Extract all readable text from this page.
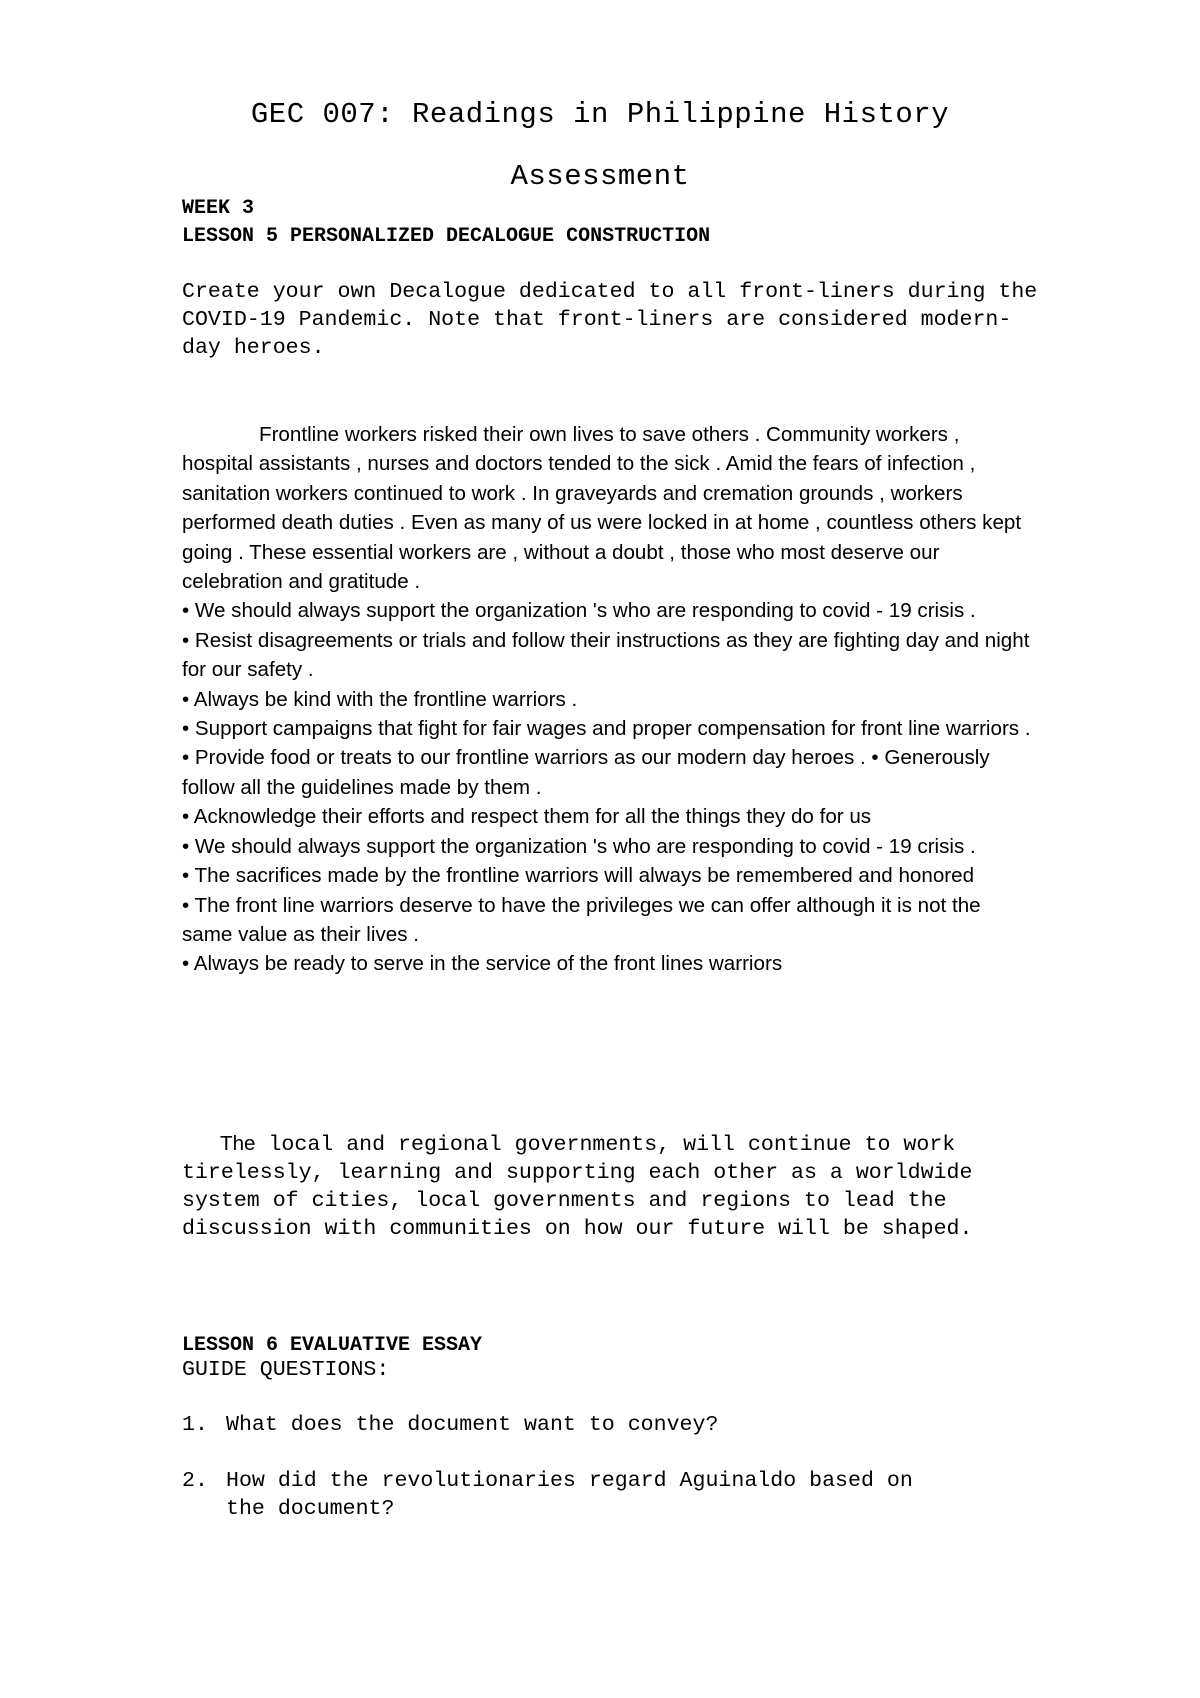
GEC 007: Readings in Philippine History
Assessment
WEEK 3
LESSON 5 PERSONALIZED DECALOGUE CONSTRUCTION
Create your own Decalogue dedicated to all front-liners during the COVID-19 Pandemic. Note that front-liners are considered modern-day heroes.

Frontline workers risked their own lives to save others . Community workers , hospital assistants , nurses and doctors tended to the sick . Amid the fears of infection , sanitation workers continued to work . In graveyards and cremation grounds , workers performed death duties . Even as many of us were locked in at home , countless others kept going . These essential workers are , without a doubt , those who most deserve our celebration and gratitude .

• We should always support the organization 's who are responding to covid - 19 crisis .

• Resist disagreements or trials and follow their instructions as they are fighting day and night for our safety .

• Always be kind with the frontline warriors .

• Support campaigns that fight for fair wages and proper compensation for front line warriors .

• Provide food or treats to our frontline warriors as our modern day heroes . • Generously follow all the guidelines made by them .

• Acknowledge their efforts and respect them for all the things they do for us

• We should always support the organization 's who are responding to covid - 19 crisis .

• The sacrifices made by the frontline warriors will always be remembered and honored

• The front line warriors deserve to have the privileges we can offer although it is not the same value as their lives .

• Always be ready to serve in the service of the front lines warriors

The local and regional governments, will continue to work tirelessly, learning and supporting each other as a worldwide system of cities, local governments and regions to lead the discussion with communities on how our future will be shaped.
LESSON 6 EVALUATIVE ESSAY
GUIDE QUESTIONS:
1. What does the document want to convey?
2. How did the revolutionaries regard Aguinaldo based on
the document?
